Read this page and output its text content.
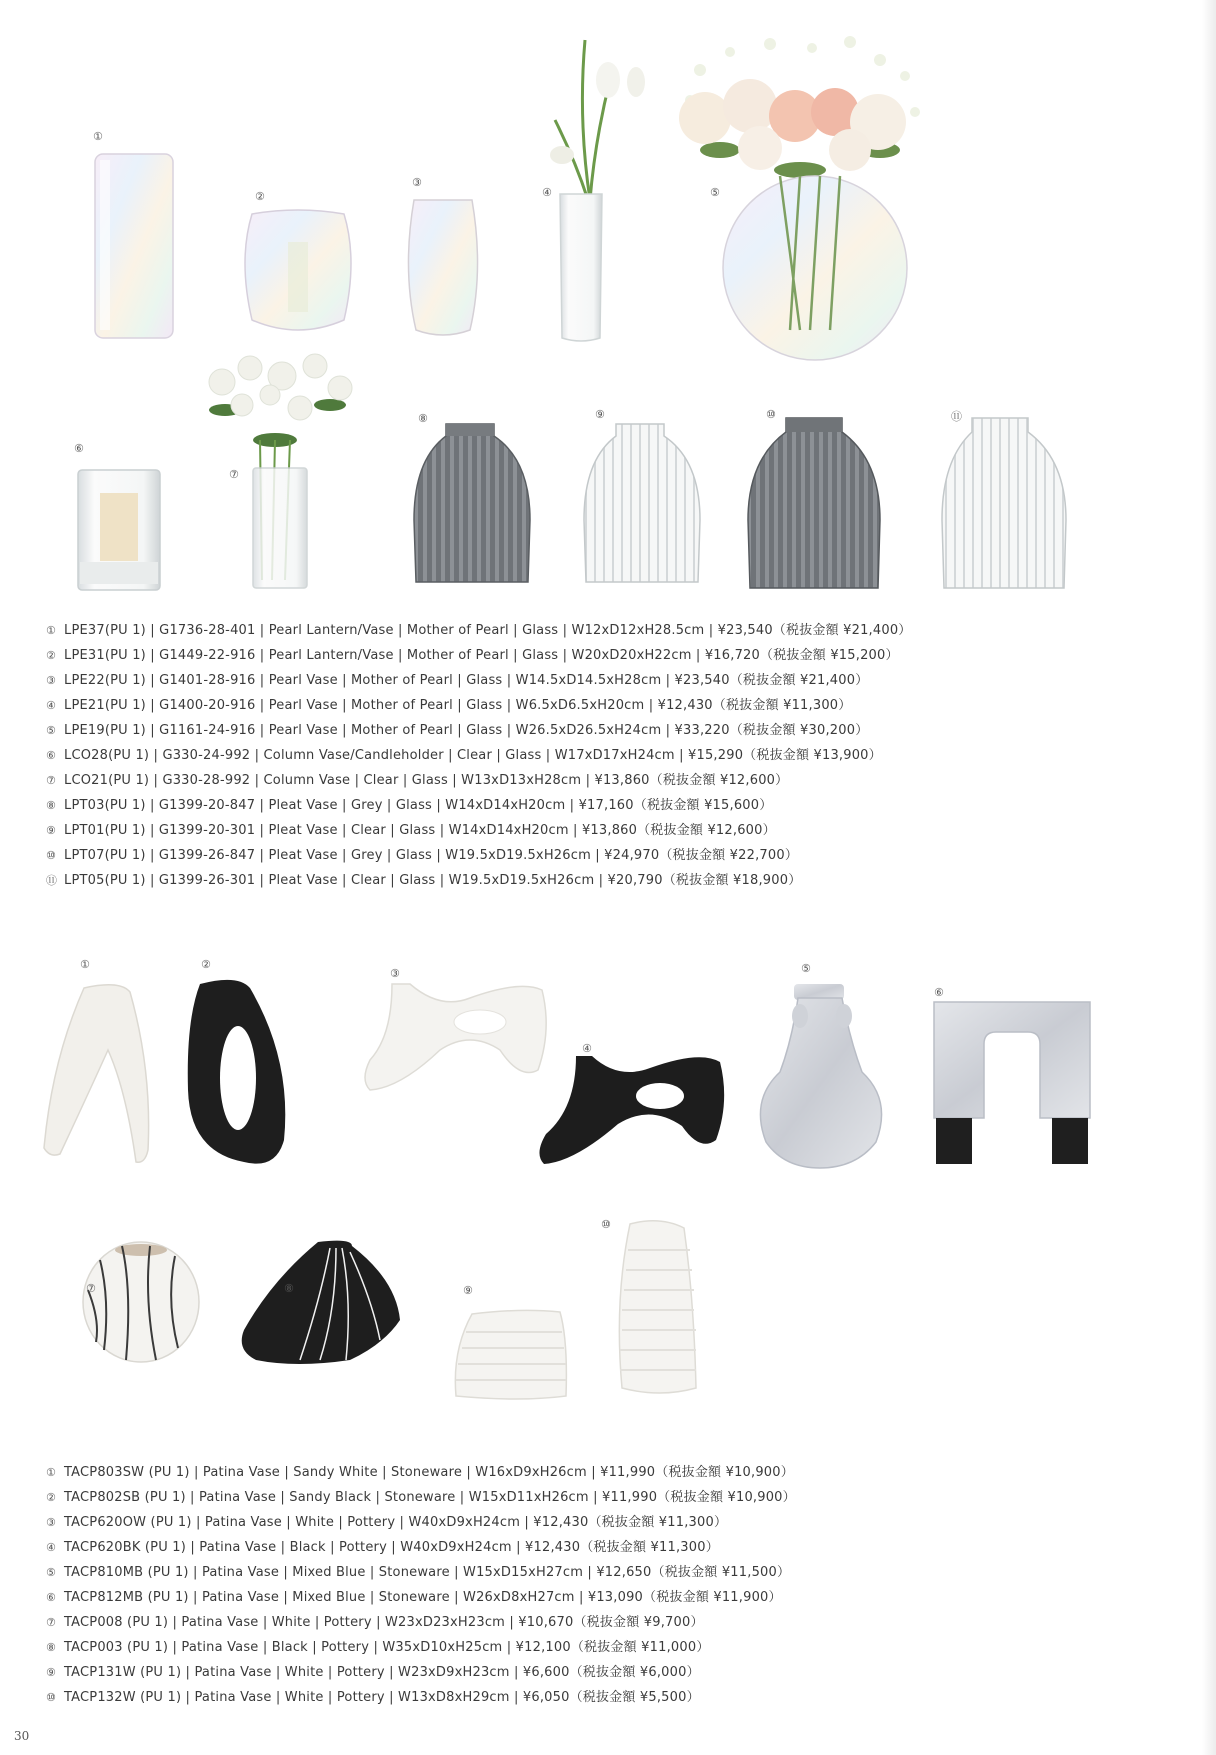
①
②
③
④	⑤
⑥
⑦
⑧	⑨	⑩	⑪
① LPE37(PU 1) | G1736-28-401 | Pearl Lantern/Vase | Mother of Pearl | Glass | W12xD12xH28.5cm | ¥23,540（税抜金額 ¥21,400）
② LPE31(PU 1) | G1449-22-916 | Pearl Lantern/Vase | Mother of Pearl | Glass | W20xD20xH22cm | ¥16,720（税抜金額 ¥15,200）
③ LPE22(PU 1) | G1401-28-916 | Pearl Vase | Mother of Pearl | Glass | W14.5xD14.5xH28cm | ¥23,540（税抜金額 ¥21,400）
④ LPE21(PU 1) | G1400-20-916 | Pearl Vase | Mother of Pearl | Glass | W6.5xD6.5xH20cm | ¥12,430（税抜金額 ¥11,300）
⑤ LPE19(PU 1) | G1161-24-916 | Pearl Vase | Mother of Pearl | Glass | W26.5xD26.5xH24cm | ¥33,220（税抜金額 ¥30,200）
⑥ LCO28(PU 1) | G330-24-992 | Column Vase/Candleholder | Clear | Glass | W17xD17xH24cm | ¥15,290（税抜金額 ¥13,900）
⑦ LCO21(PU 1) | G330-28-992 | Column Vase | Clear | Glass | W13xD13xH28cm | ¥13,860（税抜金額 ¥12,600）
⑧ LPT03(PU 1) | G1399-20-847 | Pleat Vase | Grey | Glass | W14xD14xH20cm | ¥17,160（税抜金額 ¥15,600）
⑨ LPT01(PU 1) | G1399-20-301 | Pleat Vase | Clear | Glass | W14xD14xH20cm | ¥13,860（税抜金額 ¥12,600）
⑩ LPT07(PU 1) | G1399-26-847 | Pleat Vase | Grey | Glass | W19.5xD19.5xH26cm | ¥24,970（税抜金額 ¥22,700）
⑪ LPT05(PU 1) | G1399-26-301 | Pleat Vase | Clear | Glass | W19.5xD19.5xH26cm | ¥20,790（税抜金額 ¥18,900）
①	②
③
④
⑤
⑥
⑦	⑧	⑨
⑩
① TACP803SW (PU 1) | Patina Vase | Sandy White | Stoneware | W16xD9xH26cm | ¥11,990（税抜金額 ¥10,900）
② TACP802SB (PU 1) | Patina Vase | Sandy Black | Stoneware | W15xD11xH26cm | ¥11,990（税抜金額 ¥10,900）
③ TACP620OW (PU 1) | Patina Vase | White | Pottery | W40xD9xH24cm | ¥12,430（税抜金額 ¥11,300）
④ TACP620BK (PU 1) | Patina Vase | Black | Pottery | W40xD9xH24cm | ¥12,430（税抜金額 ¥11,300）
⑤ TACP810MB (PU 1) | Patina Vase | Mixed Blue | Stoneware | W15xD15xH27cm | ¥12,650（税抜金額 ¥11,500）
⑥ TACP812MB (PU 1) | Patina Vase | Mixed Blue | Stoneware | W26xD8xH27cm | ¥13,090（税抜金額 ¥11,900）
⑦ TACP008 (PU 1) | Patina Vase | White | Pottery | W23xD23xH23cm | ¥10,670（税抜金額 ¥9,700）
⑧ TACP003 (PU 1) | Patina Vase | Black | Pottery | W35xD10xH25cm | ¥12,100（税抜金額 ¥11,000）
⑨ TACP131W (PU 1) | Patina Vase | White | Pottery | W23xD9xH23cm | ¥6,600（税抜金額 ¥6,000）
⑩ TACP132W (PU 1) | Patina Vase | White | Pottery | W13xD8xH29cm | ¥6,050（税抜金額 ¥5,500）
30
